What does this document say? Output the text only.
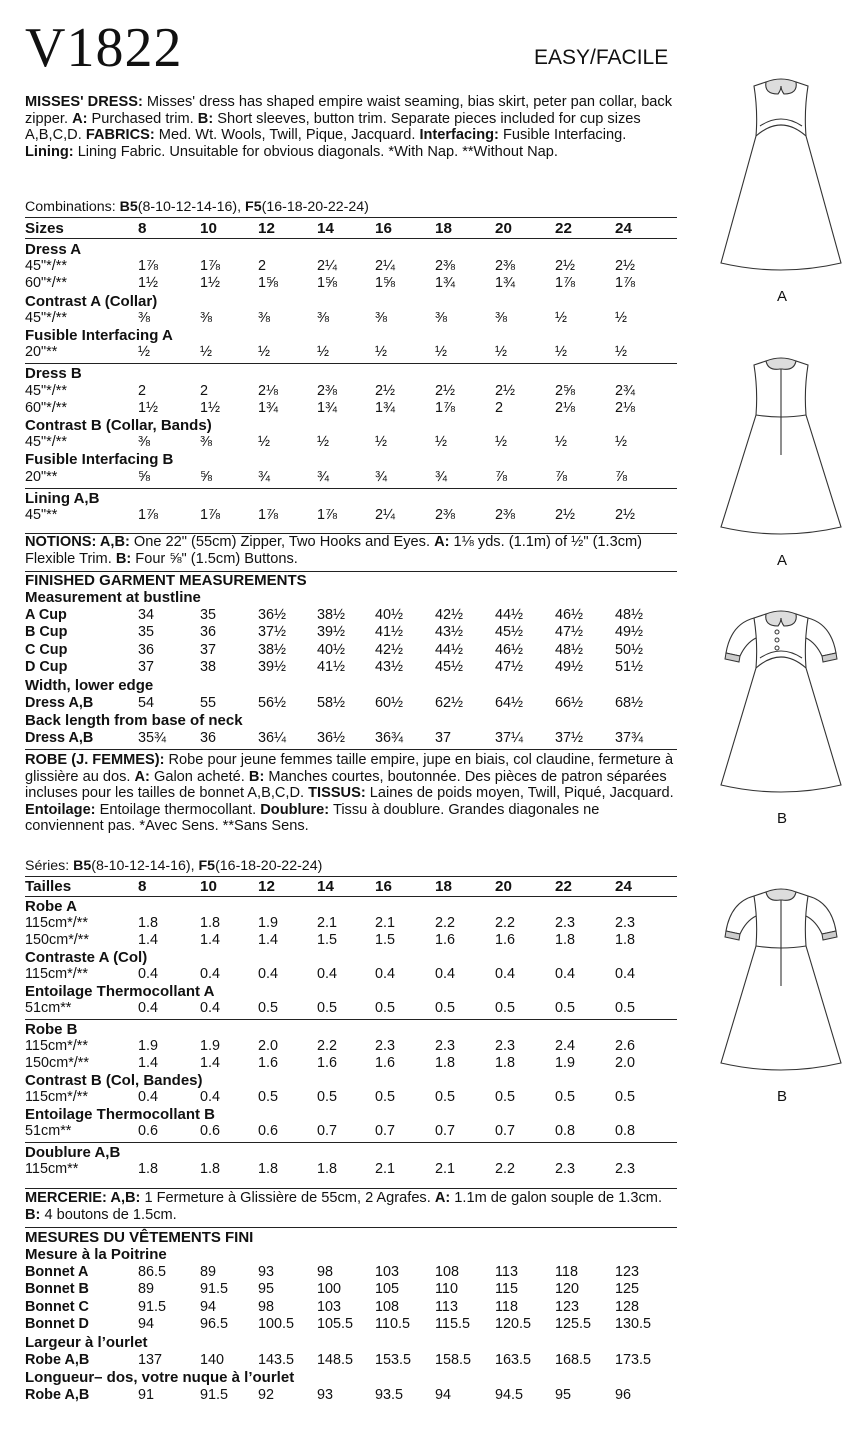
V1822	EASY/FACILE
MISSES' DRESS: Misses' dress has shaped empire waist seaming, bias skirt, peter pan collar, back zipper. A: Purchased trim. B: Short sleeves, button trim. Separate pieces included for cup sizes A,B,C,D. FABRICS: Med. Wt. Wools, Twill, Pique, Jacquard. Interfacing: Fusible Interfacing. Lining: Lining Fabric. Unsuitable for obvious diagonals. *With Nap. **Without Nap.
Combinations: B5(8-10-12-14-16), F5(16-18-20-22-24)
Sizes	8	10	12	14	16	18	20	22	24
Dress A
45"*/**	1⅞	1⅞	2	2¼	2¼	2⅜	2⅜	2½	2½
60"*/**	1½	1½	1⅝	1⅝	1⅝	1¾	1¾	1⅞	1⅞
Contrast A (Collar)
45"*/**	⅜	⅜	⅜	⅜	⅜	⅜	⅜	½	½
Fusible Interfacing A
20"**	½	½	½	½	½	½	½	½	½
Dress B
45"*/**	2	2	2⅛	2⅜	2½	2½	2½	2⅝	2¾
60"*/**	1½	1½	1¾	1¾	1¾	1⅞	2	2⅛	2⅛
Contrast B (Collar, Bands)
45"*/**	⅜	⅜	½	½	½	½	½	½	½
Fusible Interfacing B
20"**	⅝	⅝	¾	¾	¾	¾	⅞	⅞	⅞
Lining A,B
45"**	1⅞	1⅞	1⅞	1⅞	2¼	2⅜	2⅜	2½	2½
NOTIONS: A,B: One 22" (55cm) Zipper, Two Hooks and Eyes. A: 1⅛ yds. (1.1m) of ½" (1.3cm) Flexible Trim. B: Four ⅝" (1.5cm) Buttons.
FINISHED GARMENT MEASUREMENTS
Measurement at bustline
A Cup	34	35	36½ 38½ 40½ 42½ 44½ 46½ 48½
B Cup	35	36	37½ 39½ 41½ 43½ 45½ 47½ 49½
C Cup	36	37	38½ 40½ 42½ 44½ 46½ 48½ 50½
D Cup	37	38	39½ 41½ 43½ 45½ 47½ 49½ 51½
Width, lower edge
Dress A,B	54	55	56½ 58½ 60½ 62½ 64½ 66½ 68½
Back length from base of neck
Dress A,B	35¾ 36	36¼ 36½ 36¾ 37	37¼ 37½ 37¾
ROBE (J. FEMMES): Robe pour jeune femmes taille empire, jupe en biais, col claudine, fermeture à glissière au dos. A: Galon acheté. B: Manches courtes, boutonnée. Des pièces de patron séparées incluses pour les tailles de bonnet A,B,C,D. TISSUS: Laines de poids moyen, Twill, Piqué, Jacquard. Entoilage: Entoilage thermocollant. Doublure: Tissu à doublure. Grandes diagonales ne conviennent pas. *Avec Sens. **Sans Sens.
Séries: B5(8-10-12-14-16), F5(16-18-20-22-24)
Tailles	8	10	12	14	16	18	20	22	24
Robe A
115cm*/**	1.8	1.8	1.9	2.1	2.1	2.2	2.2	2.3	2.3
150cm*/**	1.4	1.4	1.4	1.5	1.5	1.6	1.6	1.8	1.8
Contraste A (Col)
115cm*/**	0.4	0.4	0.4	0.4	0.4	0.4	0.4	0.4	0.4
Entoilage Thermocollant A
51cm**	0.4	0.4	0.5	0.5	0.5	0.5	0.5	0.5	0.5
Robe B
115cm*/**	1.9	1.9	2.0	2.2	2.3	2.3	2.3	2.4	2.6
150cm*/**	1.4	1.4	1.6	1.6	1.6	1.8	1.8	1.9	2.0
Contrast B (Col, Bandes)
115cm*/**	0.4	0.4	0.5	0.5	0.5	0.5	0.5	0.5	0.5
Entoilage Thermocollant B
51cm**	0.6	0.6	0.6	0.7	0.7	0.7	0.7	0.8	0.8
Doublure A,B
115cm**	1.8	1.8	1.8	1.8	2.1	2.1	2.2	2.3	2.3
MERCERIE: A,B: 1 Fermeture à Glissière de 55cm, 2 Agrafes. A: 1.1m de galon souple de 1.3cm. B: 4 boutons de 1.5cm.
MESURES DU VÊTEMENTS FINI
Mesure à la Poitrine
Bonnet A	86.5 89	93	98	103 108 113	118	123
Bonnet B	89	91.5 95	100 105 110	115	120 125
Bonnet C	91.5 94	98	103 108 113	118	123 128
Bonnet D	94	96.5 100.5 105.5 110.5 115.5 120.5 125.5 130.5
Largeur à l’ourlet
Robe A,B	137	140 143.5 148.5 153.5 158.5 163.5 168.5 173.5
Longueur– dos, votre nuque à l’ourlet
Robe A,B	91	91.5 92	93	93.5 94	94.5 95	96
A
A
B
B
